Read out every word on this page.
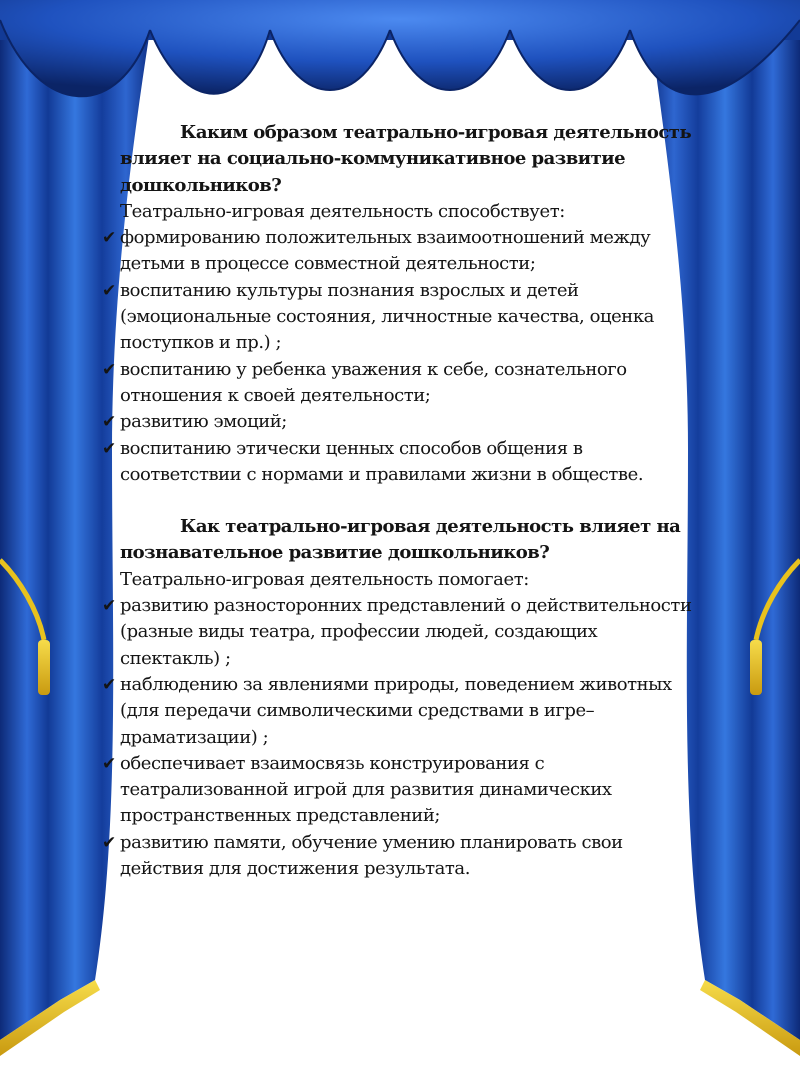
Каким образом театрально-игровая деятельность влияет на социально-коммуникативное развитие дошкольников?

Театрально-игровая деятельность способствует:

✔ формированию положительных взаимоотношений между детьми в процессе совместной деятельности;
✔ воспитанию культуры познания взрослых и детей (эмоциональные состояния, личностные качества, оценка поступков и пр.) ;
✔ воспитанию у ребенка уважения к себе, сознательного отношения к своей деятельности;
✔ развитию эмоций;
✔ воспитанию этически ценных способов общения в соответствии с нормами и правилами жизни в обществе.

Как театрально-игровая деятельность влияет на познавательное развитие дошкольников?

Театрально-игровая деятельность помогает:

✔ развитию разносторонних представлений о действительности (разные виды театра, профессии людей, создающих спектакль) ;
✔ наблюдению за явлениями природы, поведением животных (для передачи символическими средствами в игре–драматизации) ;
✔ обеспечивает взаимосвязь конструирования с театрализованной игрой для развития динамических пространственных представлений;
✔ развитию памяти, обучение умению планировать свои действия для достижения результата.
